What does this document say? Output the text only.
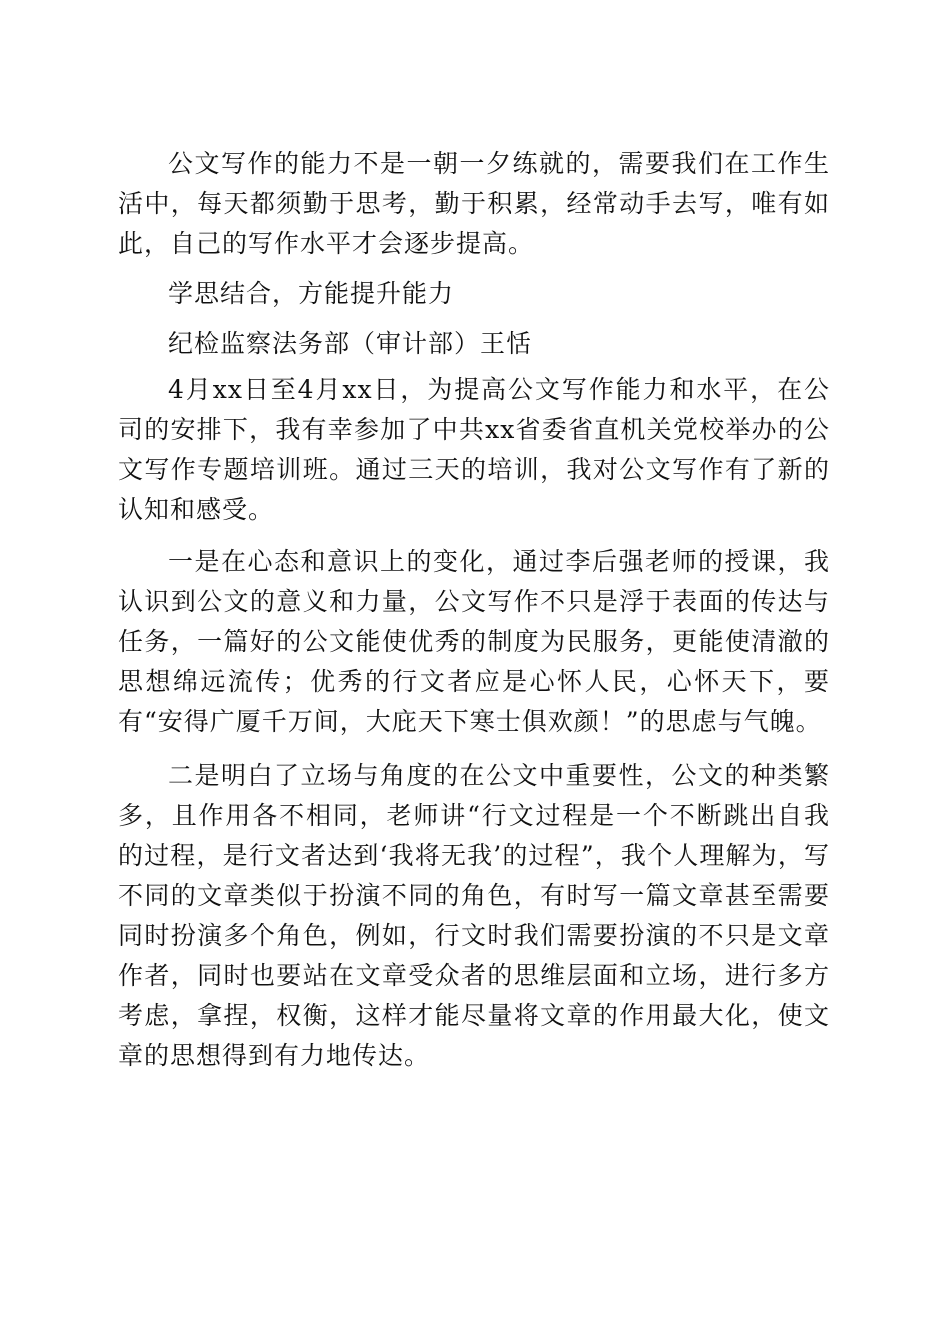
公文写作的能力不是一朝一夕练就的，需要我们在工作生活中，每天都须勤于思考，勤于积累，经常动手去写，唯有如此，自己的写作水平才会逐步提高。

学思结合，方能提升能力

纪检监察法务部（审计部）王恬

4月xx日至4月xx日，为提高公文写作能力和水平，在公司的安排下，我有幸参加了中共xx省委省直机关党校举办的公文写作专题培训班。通过三天的培训，我对公文写作有了新的认知和感受。

一是在心态和意识上的变化，通过李后强老师的授课，我认识到公文的意义和力量，公文写作不只是浮于表面的传达与任务，一篇好的公文能使优秀的制度为民服务，更能使清澈的思想绵远流传；优秀的行文者应是心怀人民，心怀天下，要有“安得广厦千万间，大庇天下寒士俱欢颜！”的思虑与气魄。

二是明白了立场与角度的在公文中重要性，公文的种类繁多，且作用各不相同，老师讲“行文过程是一个不断跳出自我的过程，是行文者达到‘我将无我’的过程”，我个人理解为，写不同的文章类似于扮演不同的角色，有时写一篇文章甚至需要同时扮演多个角色，例如，行文时我们需要扮演的不只是文章作者，同时也要站在文章受众者的思维层面和立场，进行多方考虑，拿捏，权衡，这样才能尽量将文章的作用最大化，使文章的思想得到有力地传达。
